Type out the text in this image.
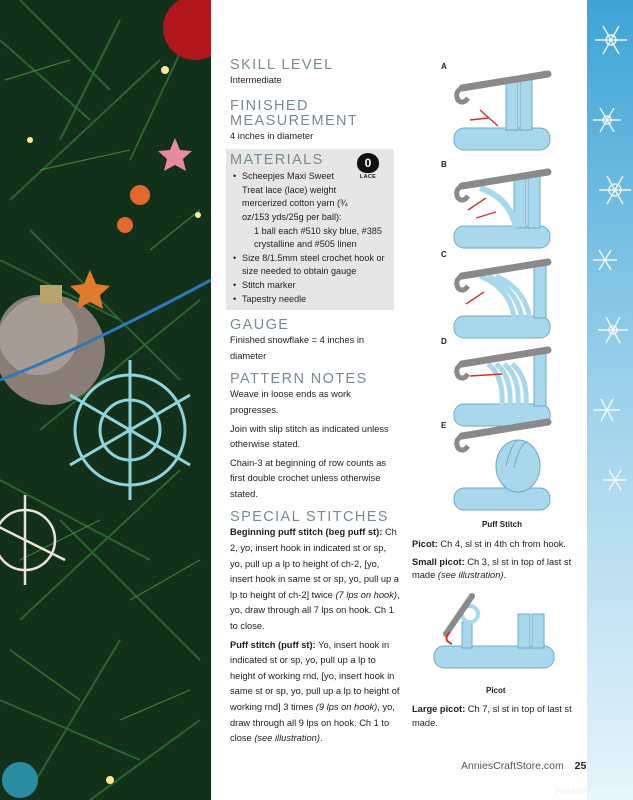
SKILL LEVEL

Intermediate

FINISHED
MEASUREMENT

4 inches in diameter

0
LACE
MATERIALS
• Scheepjes Maxi Sweet Treat lace (lace) weight mercerized cotton yarn (¾ oz/153 yds/25g per ball):
1 ball each #510 sky blue, #385 crystalline and #505 linen
• Size 8/1.5mm steel crochet hook or size needed to obtain gauge
• Stitch marker
• Tapestry needle
GAUGE

Finished snowflake = 4 inches in diameter

PATTERN NOTES

Weave in loose ends as work progresses.

Join with slip stitch as indicated unless otherwise stated.

Chain-3 at beginning of row counts as first double crochet unless otherwise stated.

SPECIAL STITCHES

Beginning puff stitch (beg puff st): Ch 2, yo, insert hook in indicated st or sp, yo, pull up a lp to height of ch-2, [yo, insert hook in same st or sp, yo, pull up a lp to height of ch-2] twice (7 lps on hook), yo, draw through all 7 lps on hook. Ch 1 to close.

Puff stitch (puff st): Yo, insert hook in indicated st or sp, yo, pull up a lp to height of working rnd, [yo, insert hook in same st or sp, yo, pull up a lp to height of working rnd] 3 times (9 lps on hook), yo, draw through all 9 lps on hook. Ch 1 to close (see illustration).

A
B
C
D
E
Puff Stitch

Picot: Ch 4, sl st in 4th ch from hook.

Small picot: Ch 3, sl st in top of last st made (see illustration).

Picot

Large picot: Ch 7, sl st in top of last st made.

AnniesCraftStore.com 25
PassionForum.ru
